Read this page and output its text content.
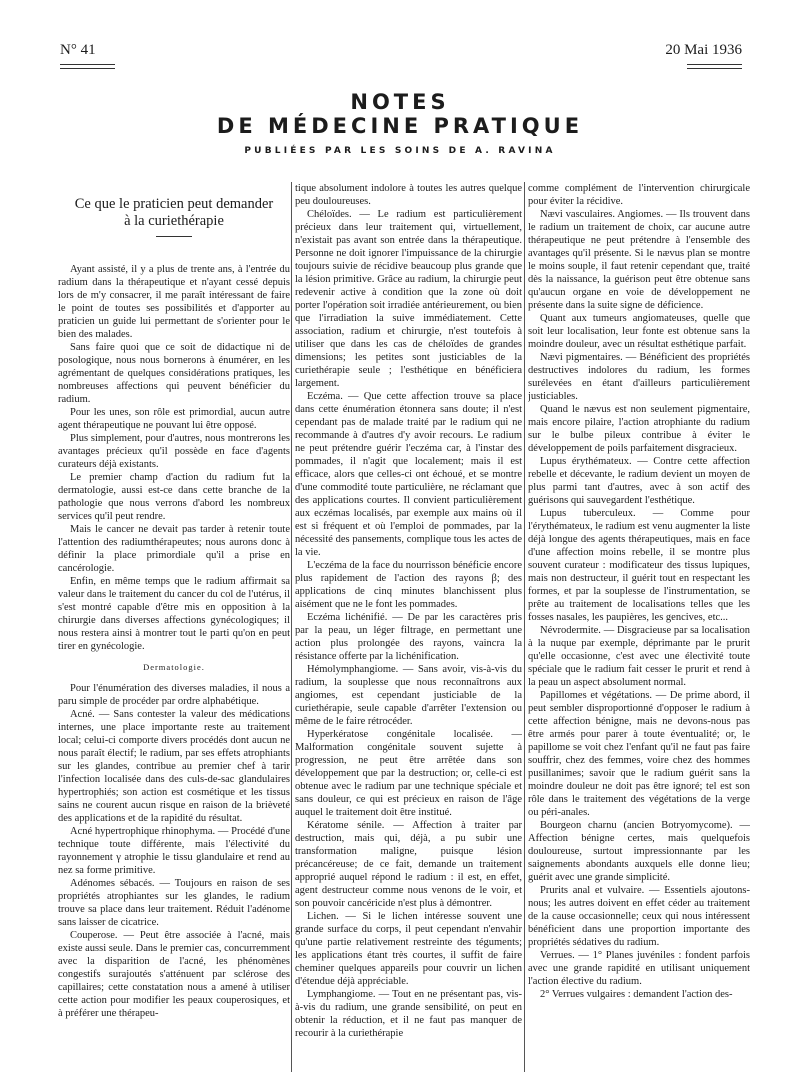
N° 41	20 Mai 1936
NOTES
DE MÉDECINE PRATIQUE
PUBLIÉES PAR LES SOINS DE A. RAVINA
Ce que le praticien peut demander
à la curiethérapie

Ayant assisté, il y a plus de trente ans, à l'entrée du radium dans la thérapeutique et n'ayant cessé depuis lors de m'y consacrer, il me paraît intéressant de faire le point de toutes ses possibilités et d'apporter au praticien un guide lui permettant de s'orienter pour le bien des malades.

Sans faire quoi que ce soit de didactique ni de posologique, nous nous bornerons à énumérer, en les agrémentant de quelques considérations pratiques, les nombreuses affections qui peuvent bénéficier du radium.

Pour les unes, son rôle est primordial, aucun autre agent thérapeutique ne pouvant lui être opposé.

Plus simplement, pour d'autres, nous montrerons les avantages précieux qu'il possède en face d'agents curateurs déjà existants.

Le premier champ d'action du radium fut la dermatologie, aussi est-ce dans cette branche de la pathologie que nous verrons d'abord les nombreux services qu'il peut rendre.

Mais le cancer ne devait pas tarder à retenir toute l'attention des radiumthérapeutes; nous aurons donc à définir la place primordiale qu'il a prise en cancérologie.

Enfin, en même temps que le radium affirmait sa valeur dans le traitement du cancer du col de l'utérus, il s'est montré capable d'être mis en opposition à la chirurgie dans diverses affections gynécologiques; il nous restera ainsi à montrer tout le parti qu'on en peut tirer en gynécologie.

Dermatologie.

Pour l'énumération des diverses maladies, il nous a paru simple de procéder par ordre alphabétique.

Acné. — Sans contester la valeur des médications internes, une place importante reste au traitement local; celui-ci comporte divers procédés dont aucun ne nous paraît électif; le radium, par ses effets atrophiants sur les glandes, contribue au premier chef à tarir l'infection localisée dans des culs-de-sac glandulaires hypertrophiés; son action est cosmétique et les tissus sains ne courent aucun risque en raison de la brièveté des applications et de la rapidité du résultat.

Acné hypertrophique rhinophyma. — Procédé d'une technique toute différente, mais l'électivité du rayonnement γ atrophie le tissu glandulaire et rend au nez sa forme primitive.

Adénomes sébacés. — Toujours en raison de ses propriétés atrophiantes sur les glandes, le radium trouve sa place dans leur traitement. Réduit l'adénome sans laisser de cicatrice.

Couperose. — Peut être associée à l'acné, mais existe aussi seule. Dans le premier cas, concurremment avec la disparition de l'acné, les phénomènes congestifs surajoutés s'atténuent par sclérose des capillaires; cette constatation nous a amené à utiliser cette action pour modifier les peaux couperosiques, et à préférer une thérapeu-

tique absolument indolore à toutes les autres quelque peu douloureuses.

Chéloïdes. — Le radium est particulièrement précieux dans leur traitement qui, virtuellement, n'existait pas avant son entrée dans la thérapeutique. Personne ne doit ignorer l'impuissance de la chirurgie toujours suivie de récidive beaucoup plus grande que la lésion primitive. Grâce au radium, la chirurgie peut redevenir active à condition que la zone où doit porter l'opération soit irradiée antérieurement, ou bien que l'irradiation la suive immédiatement. Cette association, radium et chirurgie, n'est toutefois à utiliser que dans les cas de chéloïdes de grandes dimensions; les petites sont justiciables de la curiethérapie seule ; l'esthétique en bénéficiera largement.

Eczéma. — Que cette affection trouve sa place dans cette énumération étonnera sans doute; il n'est cependant pas de malade traité par le radium qui ne recommande à d'autres d'y avoir recours. Le radium ne peut prétendre guérir l'eczéma car, à l'instar des pommades, il n'agit que localement; mais il est efficace, alors que celles-ci ont échoué, et se montre d'une commodité toute particulière, ne réclamant que des applications courtes. Il convient particulièrement aux eczémas localisés, par exemple aux mains où il est si fréquent et où l'emploi de pommades, par la nécessité des pansements, complique tous les actes de la vie.

L'eczéma de la face du nourrisson bénéficie encore plus rapidement de l'action des rayons β; des applications de cinq minutes blanchissent plus aisément que ne le font les pommades.

Eczéma lichénifié. — De par les caractères pris par la peau, un léger filtrage, en permettant une action plus prolongée des rayons, vaincra la résistance offerte par la lichénification.

Hémolymphangiome. — Sans avoir, vis-à-vis du radium, la souplesse que nous reconnaîtrons aux angiomes, est cependant justiciable de la curiethérapie, seule capable d'arrêter l'extension ou même de le faire rétrocéder.

Hyperkératose congénitale localisée. — Malformation congénitale souvent sujette à progression, ne peut être arrêtée dans son développement que par la destruction; or, celle-ci est obtenue avec le radium par une technique spéciale et sans douleur, ce qui est précieux en raison de l'âge auquel le traitement doit être institué.

Kératome sénile. — Affection à traiter par destruction, mais qui, déjà, a pu subir une transformation maligne, puisque lésion précancéreuse; de ce fait, demande un traitement approprié auquel répond le radium : il est, en effet, agent destructeur comme nous venons de le voir, et son pouvoir cancéricide n'est plus à démontrer.

Lichen. — Si le lichen intéresse souvent une grande surface du corps, il peut cependant n'envahir qu'une partie relativement restreinte des téguments; les applications étant très courtes, il suffit de faire cheminer quelques appareils pour couvrir un lichen d'étendue déjà appréciable.

Lymphangiome. — Tout en ne présentant pas, vis-à-vis du radium, une grande sensibilité, on peut en obtenir la réduction, et il ne faut pas manquer de recourir à la curiethérapie

comme complément de l'intervention chirurgicale pour éviter la récidive.

Nævi vasculaires. Angiomes. — Ils trouvent dans le radium un traitement de choix, car aucune autre thérapeutique ne peut prétendre à l'ensemble des avantages qu'il présente. Si le nævus plan se montre le moins souple, il faut retenir cependant que, traité dès la naissance, la guérison peut être obtenue sans qu'aucun organe en voie de développement ne présente dans la suite signe de déficience.

Quant aux tumeurs angiomateuses, quelle que soit leur localisation, leur fonte est obtenue sans la moindre douleur, avec un résultat esthétique parfait.

Nævi pigmentaires. — Bénéficient des propriétés destructives indolores du radium, les formes surélevées en étant d'ailleurs particulièrement justiciables.

Quand le nævus est non seulement pigmentaire, mais encore pilaire, l'action atrophiante du radium sur le bulbe pileux contribue à éviter le développement de poils parfaitement disgracieux.

Lupus érythémateux. — Contre cette affection rebelle et décevante, le radium devient un moyen de plus parmi tant d'autres, avec à son actif des guérisons qui sauvegardent l'esthétique.

Lupus tuberculeux. — Comme pour l'érythémateux, le radium est venu augmenter la liste déjà longue des agents thérapeutiques, mais en face d'une affection moins rebelle, il se montre plus souvent curateur : modificateur des tissus lupiques, mais non destructeur, il guérit tout en respectant les formes, et par la souplesse de l'instrumentation, se prête au traitement de localisations telles que les fosses nasales, les paupières, les gencives, etc...

Névrodermite. — Disgracieuse par sa localisation à la nuque par exemple, déprimante par le prurit qu'elle occasionne, c'est avec une électivité toute spéciale que le radium fait cesser le prurit et rend à la peau un aspect absolument normal.

Papillomes et végétations. — De prime abord, il peut sembler disproportionné d'opposer le radium à cette affection bénigne, mais ne devons-nous pas être armés pour parer à toute éventualité; or, le papillome se voit chez l'enfant qu'il ne faut pas faire souffrir, chez des femmes, voire chez des hommes pusillanimes; savoir que le radium guérit sans la moindre douleur ne doit pas être ignoré; tel est son rôle dans le traitement des végétations de la verge ou péri-anales.

Bourgeon charnu (ancien Botryomycome). — Affection bénigne certes, mais quelquefois douloureuse, surtout impressionnante par les saignements abondants auxquels elle donne lieu; guérit avec une grande simplicité.

Prurits anal et vulvaire. — Essentiels ajoutons-nous; les autres doivent en effet céder au traitement de la cause occasionnelle; ceux qui nous intéressent bénéficient dans une proportion importante des propriétés sédatives du radium.

Verrues. — 1° Planes juvéniles : fondent parfois avec une grande rapidité en utilisant uniquement l'action élective du radium.

2° Verrues vulgaires : demandent l'action des-
